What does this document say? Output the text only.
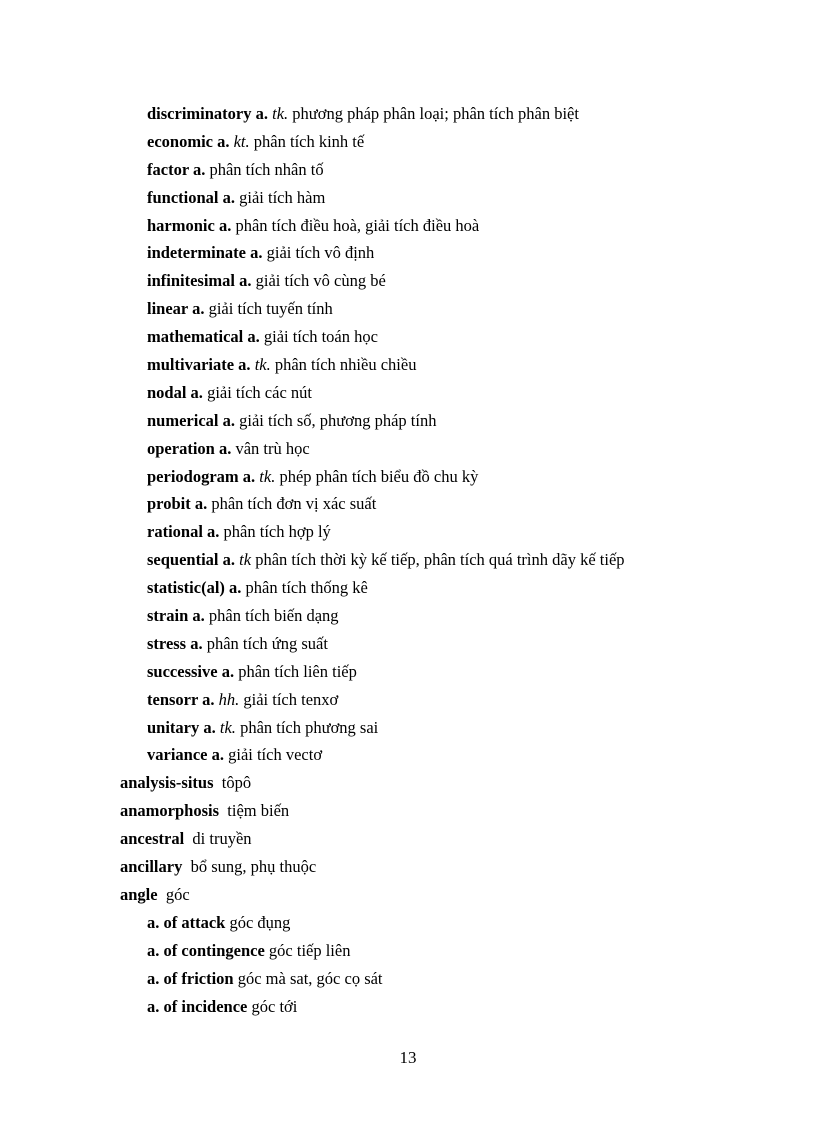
discriminatory a. tk. phương pháp phân loại; phân tích phân biệt
economic a. kt. phân tích kinh tế
factor a. phân tích nhân tố
functional a. giải tích hàm
harmonic a. phân tích điều hoà, giải tích điều hoà
indeterminate a. giải tích vô định
infinitesimal a. giải tích vô cùng bé
linear a. giải tích tuyến tính
mathematical a. giải tích toán học
multivariate a. tk. phân tích nhiều chiều
nodal a. giải tích các nút
numerical a. giải tích số, phương pháp tính
operation a. vân trù học
periodogram a. tk. phép phân tích biểu đồ chu kỳ
probit a. phân tích đơn vị xác suất
rational a. phân tích hợp lý
sequential a. tk phân tích thời kỳ kế tiếp, phân tích quá trình dãy kế tiếp
statistic(al) a. phân tích thống kê
strain a. phân tích biến dạng
stress a. phân tích ứng suất
successive a. phân tích liên tiếp
tensorr a. hh. giải tích tenxơ
unitary a. tk. phân tích phương sai
variance a. giải tích vectơ
analysis-situs tôpô
anamorphosis tiệm biến
ancestral di truyền
ancillary bổ sung, phụ thuộc
angle góc
a. of attack góc đụng
a. of contingence góc tiếp liên
a. of friction góc mà sat, góc cọ sát
a. of incidence góc tới
13
